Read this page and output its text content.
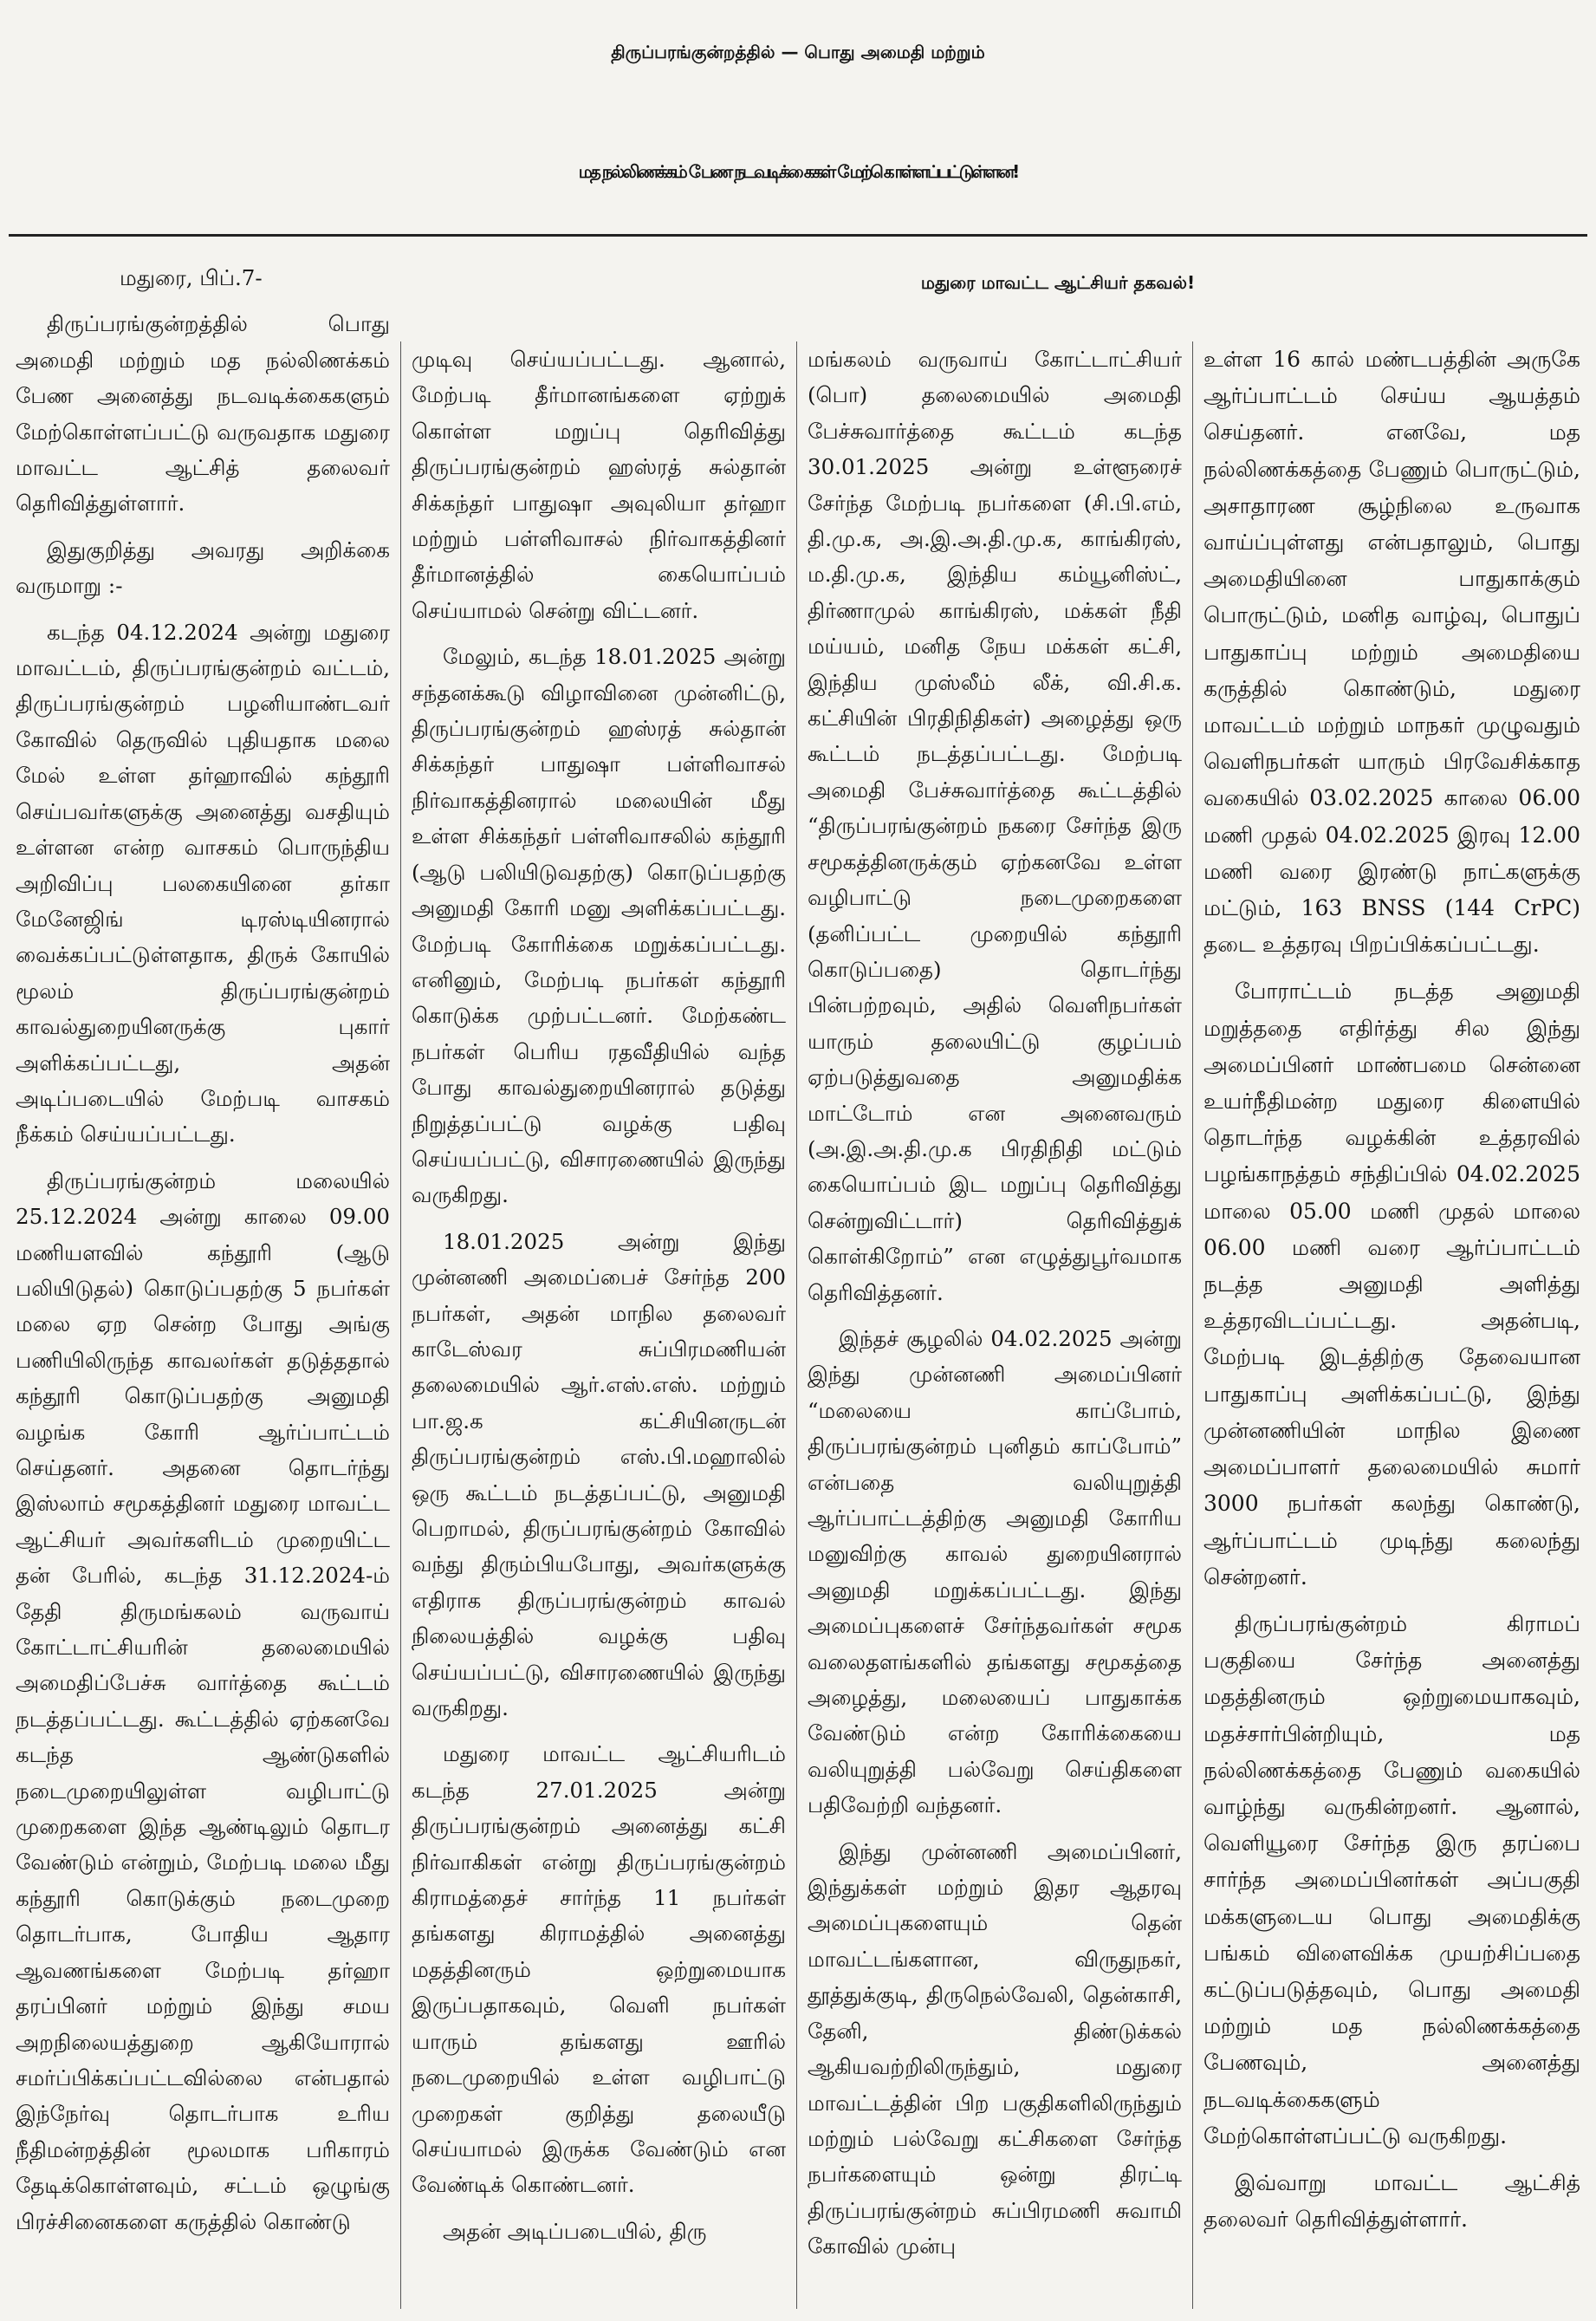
திருப்பரங்குன்றத்தில் — பொது அமைதி மற்றும்
மத நல்லிணக்கம் பேண நடவடிக்கைகள் மேற்கொள்ளப்பட்டுள்ளன!
மதுரை மாவட்ட ஆட்சியர் தகவல்!

மதுரை, பிப்.7-

திருப்பரங்குன்றத்தில் பொது அமைதி மற்றும் மத நல்லிணக்கம் பேண அனைத்து நடவடிக்கைகளும் மேற்கொள்ளப்பட்டு வருவதாக மதுரை மாவட்ட ஆட்சித் தலைவர் தெரிவித்துள்ளார்.

இதுகுறித்து அவரது அறிக்கை வருமாறு :-

கடந்த 04.12.2024 அன்று மதுரை மாவட்டம், திருப்பரங்குன்றம் வட்டம், திருப்பரங்குன்றம் பழனியாண்டவர் கோவில் தெருவில் புதியதாக மலை மேல் உள்ள தர்ஹாவில் கந்தூரி செய்பவர்களுக்கு அனைத்து வசதியும் உள்ளன என்ற வாசகம் பொருந்திய அறிவிப்பு பலகையினை தர்கா மேனேஜிங் டிரஸ்டியினரால் வைக்கப்பட்டுள்ளதாக, திருக் கோயில் மூலம் திருப்பரங்குன்றம் காவல்துறையினருக்கு புகார் அளிக்கப்பட்டது, அதன் அடிப்படையில் மேற்படி வாசகம் நீக்கம் செய்யப்பட்டது.

திருப்பரங்குன்றம் மலையில் 25.12.2024 அன்று காலை 09.00 மணியளவில் கந்தூரி (ஆடு பலியிடுதல்) கொடுப்பதற்கு 5 நபர்கள் மலை ஏற சென்ற போது அங்கு பணியிலிருந்த காவலர்கள் தடுத்ததால் கந்தூரி கொடுப்பதற்கு அனுமதி வழங்க கோரி ஆர்ப்பாட்டம் செய்தனர். அதனை தொடர்ந்து இஸ்லாம் சமூகத்தினர் மதுரை மாவட்ட ஆட்சியர் அவர்களிடம் முறையிட்ட தன் பேரில், கடந்த 31.12.2024-ம் தேதி திருமங்கலம் வருவாய் கோட்டாட்சியரின் தலைமையில் அமைதிப்பேச்சு வார்த்தை கூட்டம் நடத்தப்பட்டது. கூட்டத்தில் ஏற்கனவே கடந்த ஆண்டுகளில் நடைமுறையிலுள்ள வழிபாட்டு முறைகளை இந்த ஆண்டிலும் தொடர வேண்டும் என்றும், மேற்படி மலை மீது கந்தூரி கொடுக்கும் நடைமுறை தொடர்பாக, போதிய ஆதார ஆவணங்களை மேற்படி தர்ஹா தரப்பினர் மற்றும் இந்து சமய அறநிலையத்துறை ஆகியோரால் சமர்ப்பிக்கப்பட்டவில்லை என்பதால் இந்நேர்வு தொடர்பாக உரிய நீதிமன்றத்தின் மூலமாக பரிகாரம் தேடிக்கொள்ளவும், சட்டம் ஒழுங்கு பிரச்சினைகளை கருத்தில் கொண்டு

முடிவு செய்யப்பட்டது. ஆனால், மேற்படி தீர்மானங்களை ஏற்றுக் கொள்ள மறுப்பு தெரிவித்து திருப்பரங்குன்றம் ஹஸ்ரத் சுல்தான் சிக்கந்தர் பாதுஷா அவுலியா தர்ஹா மற்றும் பள்ளிவாசல் நிர்வாகத்தினர் தீர்மானத்தில் கையொப்பம் செய்யாமல் சென்று விட்டனர்.

மேலும், கடந்த 18.01.2025 அன்று சந்தனக்கூடு விழாவினை முன்னிட்டு, திருப்பரங்குன்றம் ஹஸ்ரத் சுல்தான் சிக்கந்தர் பாதுஷா பள்ளிவாசல் நிர்வாகத்தினரால் மலையின் மீது உள்ள சிக்கந்தர் பள்ளிவாசலில் கந்தூரி (ஆடு பலியிடுவதற்கு) கொடுப்பதற்கு அனுமதி கோரி மனு அளிக்கப்பட்டது. மேற்படி கோரிக்கை மறுக்கப்பட்டது. எனினும், மேற்படி நபர்கள் கந்தூரி கொடுக்க முற்பட்டனர். மேற்கண்ட நபர்கள் பெரிய ரதவீதியில் வந்த போது காவல்துறையினரால் தடுத்து நிறுத்தப்பட்டு வழக்கு பதிவு செய்யப்பட்டு, விசாரணையில் இருந்து வருகிறது.

18.01.2025 அன்று இந்து முன்னணி அமைப்பைச் சேர்ந்த 200 நபர்கள், அதன் மாநில தலைவர் காடேஸ்வர சுப்பிரமணியன் தலைமையில் ஆர்.எஸ்.எஸ். மற்றும் பா.ஜ.க கட்சியினருடன் திருப்பரங்குன்றம் எஸ்.பி.மஹாலில் ஒரு கூட்டம் நடத்தப்பட்டு, அனுமதி பெறாமல், திருப்பரங்குன்றம் கோவில் வந்து திரும்பியபோது, அவர்களுக்கு எதிராக திருப்பரங்குன்றம் காவல் நிலையத்தில் வழக்கு பதிவு செய்யப்பட்டு, விசாரணையில் இருந்து வருகிறது.

மதுரை மாவட்ட ஆட்சியரிடம் கடந்த 27.01.2025 அன்று திருப்பரங்குன்றம் அனைத்து கட்சி நிர்வாகிகள் என்று திருப்பரங்குன்றம் கிராமத்தைச் சார்ந்த 11 நபர்கள் தங்களது கிராமத்தில் அனைத்து மதத்தினரும் ஒற்றுமையாக இருப்பதாகவும், வெளி நபர்கள் யாரும் தங்களது ஊரில் நடைமுறையில் உள்ள வழிபாட்டு முறைகள் குறித்து தலையீடு செய்யாமல் இருக்க வேண்டும் என வேண்டிக் கொண்டனர்.

அதன் அடிப்படையில், திரு

மங்கலம் வருவாய் கோட்டாட்சியர் (பொ) தலைமையில் அமைதி பேச்சுவார்த்தை கூட்டம் கடந்த 30.01.2025 அன்று உள்ளூரைச் சேர்ந்த மேற்படி நபர்களை (சி.பி.எம், தி.மு.க, அ.இ.அ.தி.மு.க, காங்கிரஸ், ம.தி.மு.க, இந்திய கம்யூனிஸ்ட், திர்ணாமுல் காங்கிரஸ், மக்கள் நீதி மய்யம், மனித நேய மக்கள் கட்சி, இந்திய முஸ்லீம் லீக், வி.சி.க. கட்சியின் பிரதிநிதிகள்) அழைத்து ஒரு கூட்டம் நடத்தப்பட்டது. மேற்படி அமைதி பேச்சுவார்த்தை கூட்டத்தில் “திருப்பரங்குன்றம் நகரை சேர்ந்த இரு சமூகத்தினருக்கும் ஏற்கனவே உள்ள வழிபாட்டு நடைமுறைகளை (தனிப்பட்ட முறையில் கந்தூரி கொடுப்பதை) தொடர்ந்து பின்பற்றவும், அதில் வெளிநபர்கள் யாரும் தலையிட்டு குழப்பம் ஏற்படுத்துவதை அனுமதிக்க மாட்டோம் என அனைவரும் (அ.இ.அ.தி.மு.க பிரதிநிதி மட்டும் கையொப்பம் இட மறுப்பு தெரிவித்து சென்றுவிட்டார்) தெரிவித்துக் கொள்கிறோம்” என எழுத்துபூர்வமாக தெரிவித்தனர்.

இந்தச் சூழலில் 04.02.2025 அன்று இந்து முன்னணி அமைப்பினர் “மலையை காப்போம், திருப்பரங்குன்றம் புனிதம் காப்போம்” என்பதை வலியுறுத்தி ஆர்ப்பாட்டத்திற்கு அனுமதி கோரிய மனுவிற்கு காவல் துறையினரால் அனுமதி மறுக்கப்பட்டது. இந்து அமைப்புகளைச் சேர்ந்தவர்கள் சமூக வலைதளங்களில் தங்களது சமூகத்தை அழைத்து, மலையைப் பாதுகாக்க வேண்டும் என்ற கோரிக்கையை வலியுறுத்தி பல்வேறு செய்திகளை பதிவேற்றி வந்தனர்.

இந்து முன்னணி அமைப்பினர், இந்துக்கள் மற்றும் இதர ஆதரவு அமைப்புகளையும் தென் மாவட்டங்களான, விருதுநகர், தூத்துக்குடி, திருநெல்வேலி, தென்காசி, தேனி, திண்டுக்கல் ஆகியவற்றிலிருந்தும், மதுரை மாவட்டத்தின் பிற பகுதிகளிலிருந்தும் மற்றும் பல்வேறு கட்சிகளை சேர்ந்த நபர்களையும் ஒன்று திரட்டி திருப்பரங்குன்றம் சுப்பிரமணி சுவாமி கோவில் முன்பு

உள்ள 16 கால் மண்டபத்தின் அருகே ஆர்ப்பாட்டம் செய்ய ஆயத்தம் செய்தனர். எனவே, மத நல்லிணக்கத்தை பேணும் பொருட்டும், அசாதாரண சூழ்நிலை உருவாக வாய்ப்புள்ளது என்பதாலும், பொது அமைதியினை பாதுகாக்கும் பொருட்டும், மனித வாழ்வு, பொதுப் பாதுகாப்பு மற்றும் அமைதியை கருத்தில் கொண்டும், மதுரை மாவட்டம் மற்றும் மாநகர் முழுவதும் வெளிநபர்கள் யாரும் பிரவேசிக்காத வகையில் 03.02.2025 காலை 06.00 மணி முதல் 04.02.2025 இரவு 12.00 மணி வரை இரண்டு நாட்களுக்கு மட்டும், 163 BNSS (144 CrPC) தடை உத்தரவு பிறப்பிக்கப்பட்டது.

போராட்டம் நடத்த அனுமதி மறுத்ததை எதிர்த்து சில இந்து அமைப்பினர் மாண்பமை சென்னை உயர்நீதிமன்ற மதுரை கிளையில் தொடர்ந்த வழக்கின் உத்தரவில் பழங்காநத்தம் சந்திப்பில் 04.02.2025 மாலை 05.00 மணி முதல் மாலை 06.00 மணி வரை ஆர்ப்பாட்டம் நடத்த அனுமதி அளித்து உத்தரவிடப்பட்டது. அதன்படி, மேற்படி இடத்திற்கு தேவையான பாதுகாப்பு அளிக்கப்பட்டு, இந்து முன்னணியின் மாநில இணை அமைப்பாளர் தலைமையில் சுமார் 3000 நபர்கள் கலந்து கொண்டு, ஆர்ப்பாட்டம் முடிந்து கலைந்து சென்றனர்.

திருப்பரங்குன்றம் கிராமப் பகுதியை சேர்ந்த அனைத்து மதத்தினரும் ஒற்றுமையாகவும், மதச்சார்பின்றியும், மத நல்லிணக்கத்தை பேணும் வகையில் வாழ்ந்து வருகின்றனர். ஆனால், வெளியூரை சேர்ந்த இரு தரப்பை சார்ந்த அமைப்பினர்கள் அப்பகுதி மக்களுடைய பொது அமைதிக்கு பங்கம் விளைவிக்க முயற்சிப்பதை கட்டுப்படுத்தவும், பொது அமைதி மற்றும் மத நல்லிணக்கத்தை பேணவும், அனைத்து நடவடிக்கைகளும் மேற்கொள்ளப்பட்டு வருகிறது.

இவ்வாறு மாவட்ட ஆட்சித் தலைவர் தெரிவித்துள்ளார்.
